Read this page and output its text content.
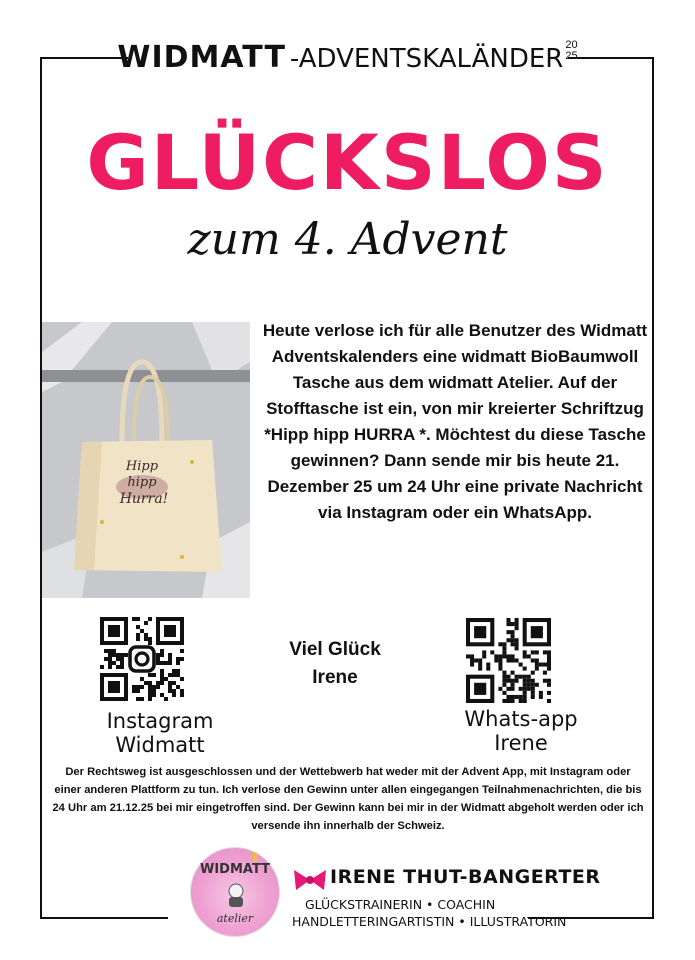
WIDMATT -ADVENTSKALÄNDER 20
25
GLÜCKSLOS
zum 4. Advent
Hipp
hipp
Hurra!
Heute verlose ich für alle Benutzer des Widmatt Adventskalenders eine widmatt BioBaumwoll Tasche aus dem widmatt Atelier. Auf der Stofftasche ist ein, von mir kreierter Schriftzug *Hipp hipp HURRA *. Möchtest du diese Tasche gewinnen? Dann sende mir bis heute 21. Dezember 25 um 24 Uhr eine private Nachricht via Instagram oder ein WhatsApp.
Instagram Widmatt
Viel Glück
Irene
Whats-app Irene
Der Rechtsweg ist ausgeschlossen und der Wettebwerb hat weder mit der Advent App, mit Instagram oder einer anderen Plattform zu tun. Ich verlose den Gewinn unter allen eingegangen Teilnahmenachrichten, die bis 24 Uhr am 21.12.25 bei mir eingetroffen sind. Der Gewinn kann bei mir in der Widmatt abgeholt werden oder ich versende ihn innerhalb der Schweiz.
♛
WIDMATT
atelier
IRENE THUT-BANGERTER
GLÜCKSTRAINERIN • COACHIN
HANDLETTERINGARTISTIN • ILLUSTRATORIN
